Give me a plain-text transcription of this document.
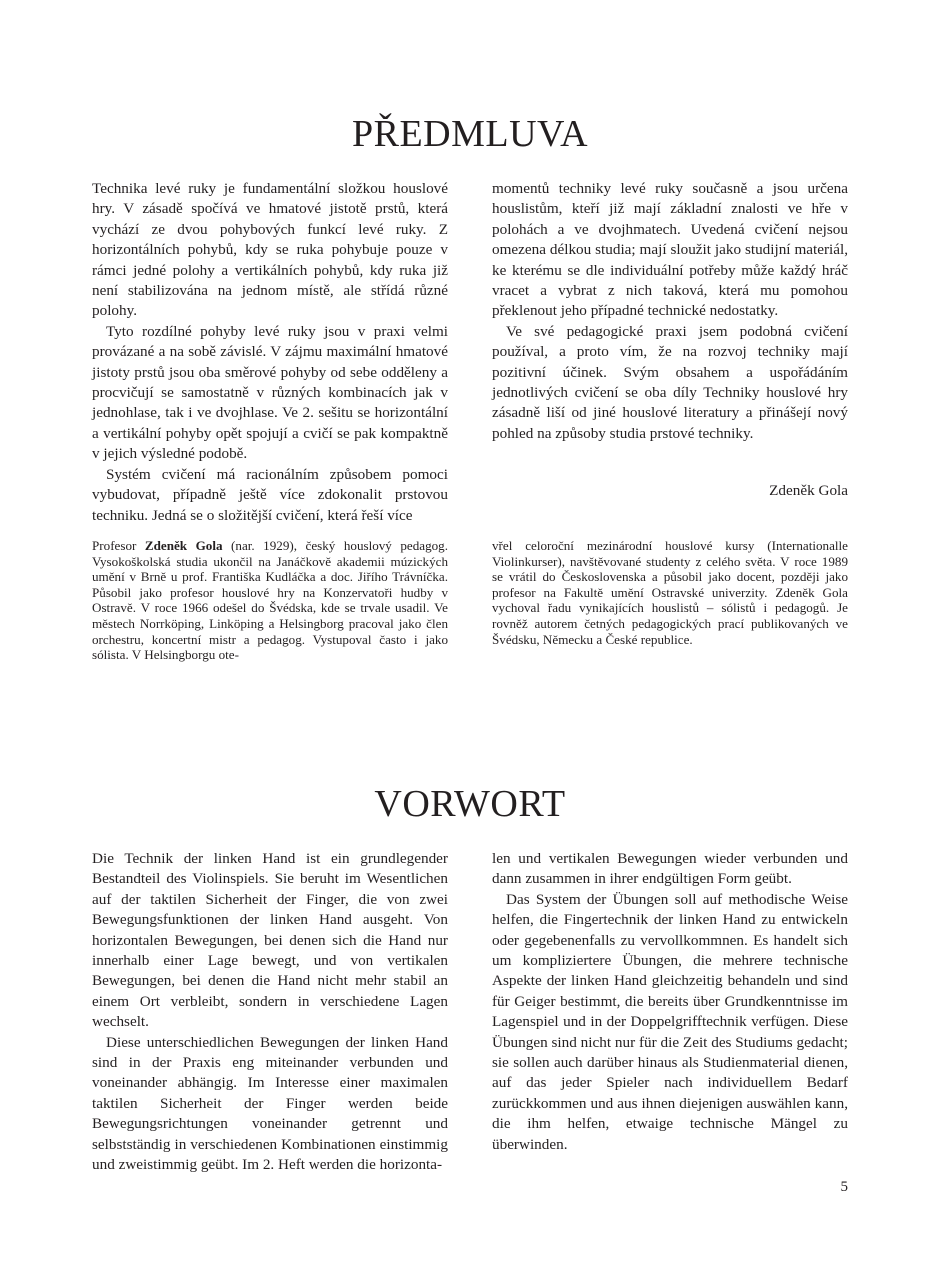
PŘEDMLUVA

Technika levé ruky je fundamentální složkou houslové hry. V zásadě spočívá ve hmatové jistotě prstů, která vychází ze dvou pohybových funkcí levé ruky. Z horizontálních pohybů, kdy se ruka pohybuje pouze v rámci jedné polohy a vertikálních pohybů, kdy ruka již není stabilizována na jednom místě, ale střídá různé polohy.

Tyto rozdílné pohyby levé ruky jsou v praxi velmi provázané a na sobě závislé. V zájmu maximální hmatové jistoty prstů jsou oba směrové pohyby od sebe odděleny a procvičují se samostatně v různých kombinacích jak v jednohlase, tak i ve dvojhlase. Ve 2. sešitu se horizontální a vertikální pohyby opět spojují a cvičí se pak kompaktně v jejich výsledné podobě.

Systém cvičení má racionálním způsobem pomoci vybudovat, případně ještě více zdokonalit prstovou techniku. Jedná se o složitější cvičení, která řeší více

momentů techniky levé ruky současně a jsou určena houslistům, kteří již mají základní znalosti ve hře v polohách a ve dvojhmatech. Uvedená cvičení nejsou omezena délkou studia; mají sloužit jako studijní materiál, ke kterému se dle individuální potřeby může každý hráč vracet a vybrat z nich taková, která mu pomohou překlenout jeho případné technické nedostatky.

Ve své pedagogické praxi jsem podobná cvičení používal, a proto vím, že na rozvoj techniky mají pozitivní účinek. Svým obsahem a uspořádáním jednotlivých cvičení se oba díly Techniky houslové hry zásadně liší od jiné houslové literatury a přinášejí nový pohled na způsoby studia prstové techniky.

Zdeněk Gola

Profesor Zdeněk Gola (nar. 1929), český houslový pedagog. Vysokoškolská studia ukončil na Janáčkově akademii múzických umění v Brně u prof. Františka Kudláčka a doc. Jiřího Trávníčka. Působil jako profesor houslové hry na Konzervatoři hudby v Ostravě. V roce 1966 odešel do Švédska, kde se trvale usadil. Ve městech Norrköping, Linköping a Helsingborg pracoval jako člen orchestru, koncertní mistr a pedagog. Vystupoval často i jako sólista. V Helsingborgu ote-

vřel celoroční mezinárodní houslové kursy (Internationalle Violinkurser), navštěvované studenty z celého světa. V roce 1989 se vrátil do Československa a působil jako docent, později jako profesor na Fakultě umění Ostravské univerzity. Zdeněk Gola vychoval řadu vynikajících houslistů – sólistů i pedagogů. Je rovněž autorem četných pedagogických prací publikovaných ve Švédsku, Německu a České republice.

VORWORT

Die Technik der linken Hand ist ein grundlegender Bestandteil des Violinspiels. Sie beruht im Wesentlichen auf der taktilen Sicherheit der Finger, die von zwei Bewegungsfunktionen der linken Hand ausgeht. Von horizontalen Bewegungen, bei denen sich die Hand nur innerhalb einer Lage bewegt, und von vertikalen Bewegungen, bei denen die Hand nicht mehr stabil an einem Ort verbleibt, sondern in verschiedene Lagen wechselt.

Diese unterschiedlichen Bewegungen der linken Hand sind in der Praxis eng miteinander verbunden und voneinander abhängig. Im Interesse einer maximalen taktilen Sicherheit der Finger werden beide Bewegungsrichtungen voneinander getrennt und selbstständig in verschiedenen Kombinationen einstimmig und zweistimmig geübt. Im 2. Heft werden die horizonta-

len und vertikalen Bewegungen wieder verbunden und dann zusammen in ihrer endgültigen Form geübt.

Das System der Übungen soll auf methodische Weise helfen, die Fingertechnik der linken Hand zu entwickeln oder gegebenenfalls zu vervollkommnen. Es handelt sich um kompliziertere Übungen, die mehrere technische Aspekte der linken Hand gleichzeitig behandeln und sind für Geiger bestimmt, die bereits über Grundkenntnisse im Lagenspiel und in der Doppelgrifftechnik verfügen. Diese Übungen sind nicht nur für die Zeit des Studiums gedacht; sie sollen auch darüber hinaus als Studienmaterial dienen, auf das jeder Spieler nach individuellem Bedarf zurückkommen und aus ihnen diejenigen auswählen kann, die ihm helfen, etwaige technische Mängel zu überwinden.

5
